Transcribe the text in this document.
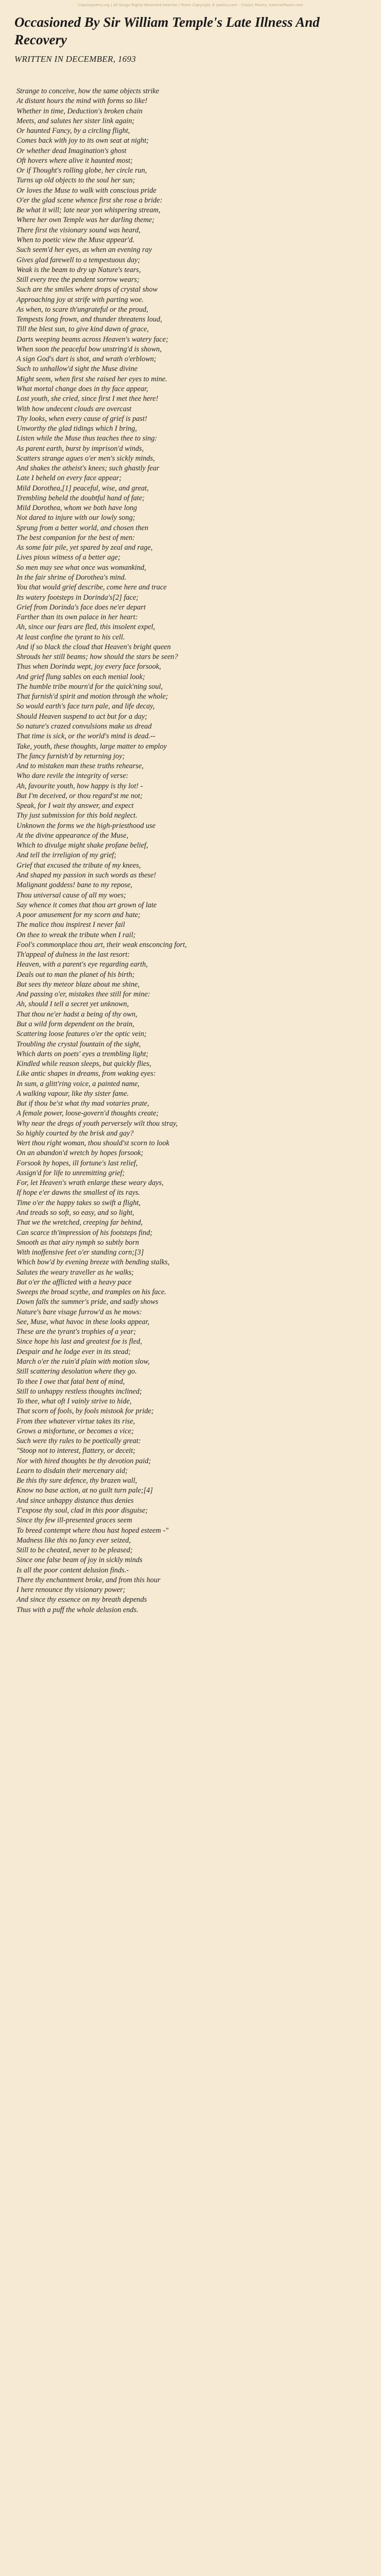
Classicpoetry.org | All Songs Rights Reserved Internet | Poem Copyright © poetry.com - Classic Poetry, InternetPoem.com
Occasioned By Sir William Temple's Late Illness And Recovery
WRITTEN IN DECEMBER, 1693
Strange to conceive, how the same objects strike
At distant hours the mind with forms so like!
Whether in time, Deduction's broken chain
Meets, and salutes her sister link again;
Or haunted Fancy, by a circling flight,
Comes back with joy to its own seat at night;
Or whether dead Imagination's ghost
Oft hovers where alive it haunted most;
Or if Thought's rolling globe, her circle run,
Turns up old objects to the soul her sun;
Or loves the Muse to walk with conscious pride
O'er the glad scene whence first she rose a bride:
Be what it will; late near yon whispering stream,
Where her own Temple was her darling theme;
There first the visionary sound was heard,
When to poetic view the Muse appear'd.
Such seem'd her eyes, as when an evening ray
Gives glad farewell to a tempestuous day;
Weak is the beam to dry up Nature's tears,
Still every tree the pendent sorrow wears;
Such are the smiles where drops of crystal show
Approaching joy at strife with parting woe.
As when, to scare th'ungrateful or the proud,
Tempests long frown, and thunder threatens loud,
Till the blest sun, to give kind dawn of grace,
Darts weeping beams across Heaven's watery face;
When soon the peaceful bow unstring'd is shown,
A sign God's dart is shot, and wrath o'erblown;
Such to unhallow'd sight the Muse divine
Might seem, when first she raised her eyes to mine.
What mortal change does in thy face appear,
Lost youth, she cried, since first I met thee here!
With how undecent clouds are overcast
Thy looks, when every cause of grief is past!
Unworthy the glad tidings which I bring,
Listen while the Muse thus teaches thee to sing:
As parent earth, burst by imprison'd winds,
Scatters strange agues o'er men's sickly minds,
And shakes the atheist's knees; such ghastly fear
Late I beheld on every face appear;
Mild Dorothea,[1] peaceful, wise, and great,
Trembling beheld the doubtful hand of fate;
Mild Dorothea, whom we both have long
Not dared to injure with our lowly song;
Sprung from a better world, and chosen then
The best companion for the best of men:
As some fair pile, yet spared by zeal and rage,
Lives pious witness of a better age;
So men may see what once was womankind,
In the fair shrine of Dorothea's mind.
You that would grief describe, come here and trace
Its watery footsteps in Dorinda's[2] face;
Grief from Dorinda's face does ne'er depart
Farther than its own palace in her heart:
Ah, since our fears are fled, this insolent expel,
At least confine the tyrant to his cell.
And if so black the cloud that Heaven's bright queen
Shrouds her still beams; how should the stars be seen?
Thus when Dorinda wept, joy every face forsook,
And grief flung sables on each menial look;
The humble tribe mourn'd for the quick'ning soul,
That furnish'd spirit and motion through the whole;
So would earth's face turn pale, and life decay,
Should Heaven suspend to act but for a day;
So nature's crazed convulsions make us dread
That time is sick, or the world's mind is dead.--
Take, youth, these thoughts, large matter to employ
The fancy furnish'd by returning joy;
And to mistaken man these truths rehearse,
Who dare revile the integrity of verse:
Ah, favourite youth, how happy is thy lot! -
But I'm deceived, or thou regard'st me not;
Speak, for I wait thy answer, and expect
Thy just submission for this bold neglect.
Unknown the forms we the high-priesthood use
At the divine appearance of the Muse,
Which to divulge might shake profane belief,
And tell the irreligion of my grief;
Grief that excused the tribute of my knees,
And shaped my passion in such words as these!
Malignant goddess! bane to my repose,
Thou universal cause of all my woes;
Say whence it comes that thou art grown of late
A poor amusement for my scorn and hate;
The malice thou inspirest I never fail
On thee to wreak the tribute when I rail;
Fool's commonplace thou art, their weak ensconcing fort,
Th'appeal of dulness in the last resort:
Heaven, with a parent's eye regarding earth,
Deals out to man the planet of his birth;
But sees thy meteor blaze about me shine,
And passing o'er, mistakes thee still for mine:
Ah, should I tell a secret yet unknown,
That thou ne'er hadst a being of thy own,
But a wild form dependent on the brain,
Scattering loose features o'er the optic vein;
Troubling the crystal fountain of the sight,
Which darts on poets' eyes a trembling light;
Kindled while reason sleeps, but quickly flies,
Like antic shapes in dreams, from waking eyes:
In sum, a glitt'ring voice, a painted name,
A walking vapour, like thy sister fame.
But if thou be'st what thy mad votaries prate,
A female power, loose-govern'd thoughts create;
Why near the dregs of youth perversely wilt thou stray,
So highly courted by the brisk and gay?
Wert thou right woman, thou should'st scorn to look
On an abandon'd wretch by hopes forsook;
Forsook by hopes, ill fortune's last relief,
Assign'd for life to unremitting grief;
For, let Heaven's wrath enlarge these weary days,
If hope e'er dawns the smallest of its rays.
Time o'er the happy takes so swift a flight,
And treads so soft, so easy, and so light,
That we the wretched, creeping far behind,
Can scarce th'impression of his footsteps find;
Smooth as that airy nymph so subtly born
With inoffensive feet o'er standing corn;[3]
Which bow'd by evening breeze with bending stalks,
Salutes the weary traveller as he walks;
But o'er the afflicted with a heavy pace
Sweeps the broad scythe, and tramples on his face.
Down falls the summer's pride, and sadly shows
Nature's bare visage furrow'd as he mows:
See, Muse, what havoc in these looks appear,
These are the tyrant's trophies of a year;
Since hope his last and greatest foe is fled,
Despair and he lodge ever in its stead;
March o'er the ruin'd plain with motion slow,
Still scattering desolation where they go.
To thee I owe that fatal bent of mind,
Still to unhappy restless thoughts inclined;
To thee, what oft I vainly strive to hide,
That scorn of fools, by fools mistook for pride;
From thee whatever virtue takes its rise,
Grows a misfortune, or becomes a vice;
Such were thy rules to be poetically great:
"Stoop not to interest, flattery, or deceit;
Nor with hired thoughts be thy devotion paid;
Learn to disdain their mercenary aid;
Be this thy sure defence, thy brazen wall,
Know no base action, at no guilt turn pale;[4]
And since unhappy distance thus denies
T'expose thy soul, clad in this poor disguise;
Since thy few ill-presented graces seem
To breed contempt where thou hast hoped esteem -"
Madness like this no fancy ever seized,
Still to be cheated, never to be pleased;
Since one false beam of joy in sickly minds
Is all the poor content delusion finds.-
There thy enchantment broke, and from this hour
I here renounce thy visionary power;
And since thy essence on my breath depends
Thus with a puff the whole delusion ends.
